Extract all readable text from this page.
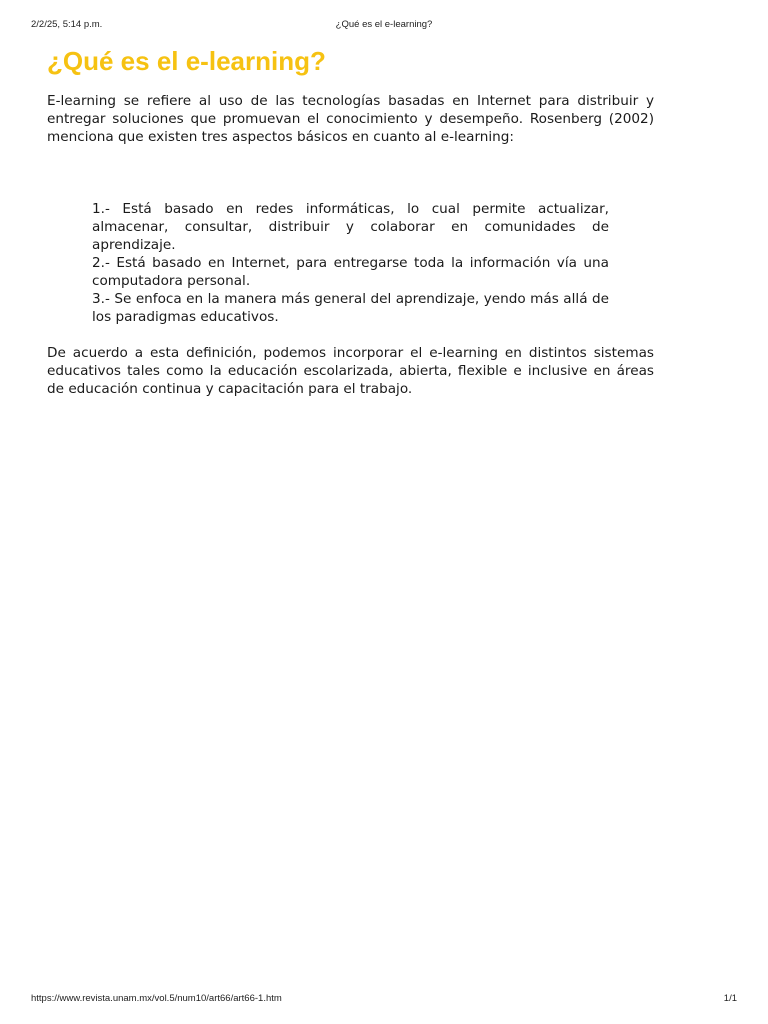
2/2/25, 5:14 p.m.	¿Qué es el e-learning?
¿Qué es el e-learning?

E-learning se refiere al uso de las tecnologías basadas en Internet para distribuir y entregar soluciones que promuevan el conocimiento y desempeño. Rosenberg (2002) menciona que existen tres aspectos básicos en cuanto al e-learning:

1.- Está basado en redes informáticas, lo cual permite actualizar, almacenar, consultar, distribuir y colaborar en comunidades de aprendizaje.

2.- Está basado en Internet, para entregarse toda la información vía una computadora personal.

3.- Se enfoca en la manera más general del aprendizaje, yendo más allá de los paradigmas educativos.

De acuerdo a esta definición, podemos incorporar el e-learning en distintos sistemas educativos tales como la educación escolarizada, abierta, flexible e inclusive en áreas de educación continua y capacitación para el trabajo.

https://www.revista.unam.mx/vol.5/num10/art66/art66-1.htm	1/1
